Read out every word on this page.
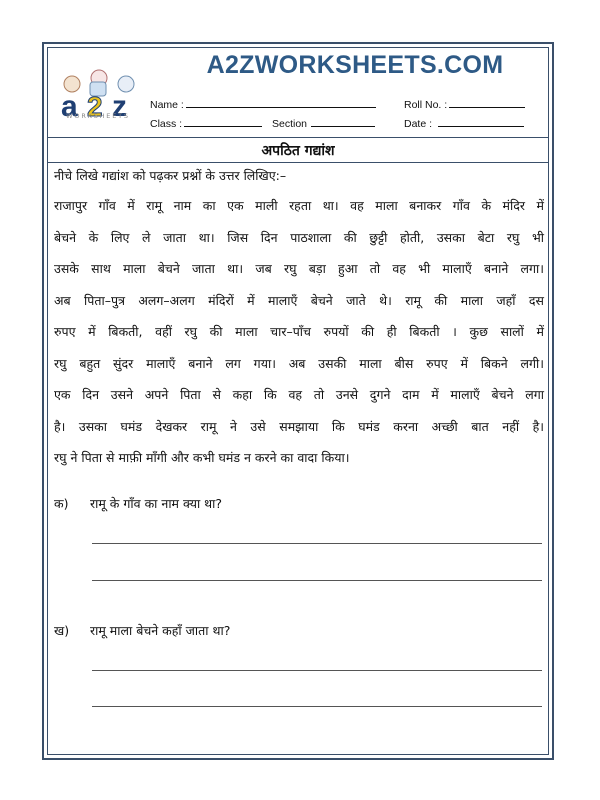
a 2 z
WORKSHEETS
A2ZWORKSHEETS.COM
Name :	Roll No. :
Class :	Section	Date :
अपठित गद्यांश
नीचे लिखे गद्यांश को पढ़कर प्रश्नों के उत्तर लिखिए:–
राजापुर गाँव में रामू नाम का एक माली रहता था। वह माला बनाकर गाँव के मंदिर में
बेचने के लिए ले जाता था। जिस दिन पाठशाला की छुट्टी होती, उसका बेटा रघु भी
उसके साथ माला बेचने जाता था। जब रघु बड़ा हुआ तो वह भी मालाएँ बनाने लगा।
अब पिता–पुत्र अलग–अलग मंदिरों में मालाएँ बेचने जाते थे। रामू की माला जहाँ दस
रुपए में बिकती, वहीं रघु की माला चार–पाँच रुपयों की ही बिकती । कुछ सालों में
रघु बहुत सुंदर मालाएँ बनाने लग गया। अब उसकी माला बीस रुपए में बिकने लगी।
एक दिन उसने अपने पिता से कहा कि वह तो उनसे दुगने दाम में मालाएँ बेचने लगा
है। उसका घमंड देखकर रामू ने उसे समझाया कि घमंड करना अच्छी बात नहीं है।
रघु ने पिता से माफ़ी माँगी और कभी घमंड न करने का वादा किया।
क) रामू के गाँव का नाम क्या था?
ख) रामू माला बेचने कहाँ जाता था?
